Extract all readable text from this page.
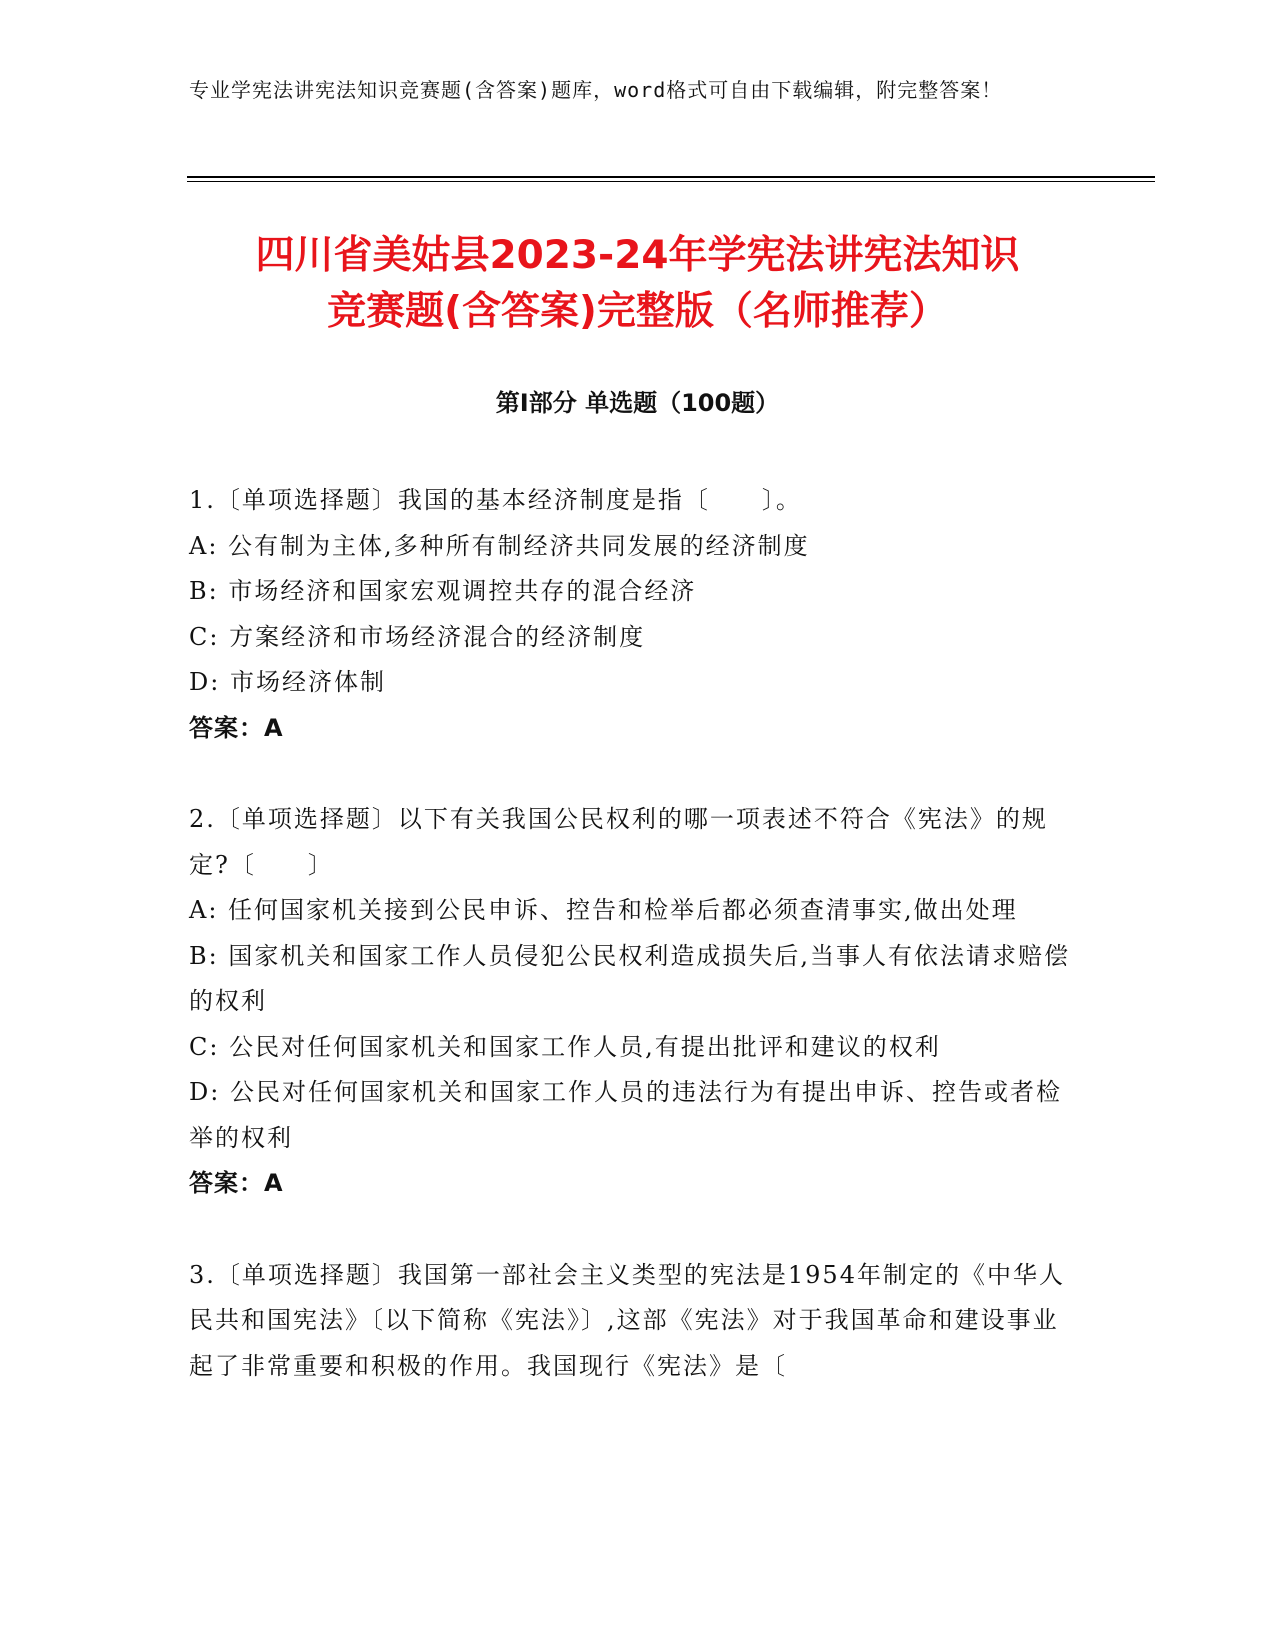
专业学宪法讲宪法知识竞赛题(含答案)题库，word格式可自由下载编辑，附完整答案！
四川省美姑县2023-24年学宪法讲宪法知识
竞赛题(含答案)完整版（名师推荐）
第Ⅰ部分 单选题（100题）

1.〔单项选择题〕我国的基本经济制度是指〔　　〕。

A: 公有制为主体,多种所有制经济共同发展的经济制度

B: 市场经济和国家宏观调控共存的混合经济

C: 方案经济和市场经济混合的经济制度

D: 市场经济体制

答案：A

2.〔单项选择题〕以下有关我国公民权利的哪一项表述不符合《宪法》的规定?〔　　〕

A: 任何国家机关接到公民申诉、控告和检举后都必须查清事实,做出处理

B: 国家机关和国家工作人员侵犯公民权利造成损失后,当事人有依法请求赔偿的权利

C: 公民对任何国家机关和国家工作人员,有提出批评和建议的权利

D: 公民对任何国家机关和国家工作人员的违法行为有提出申诉、控告或者检举的权利

答案：A

3.〔单项选择题〕我国第一部社会主义类型的宪法是1954年制定的《中华人民共和国宪法》〔以下简称《宪法》〕,这部《宪法》对于我国革命和建设事业起了非常重要和积极的作用。我国现行《宪法》是〔
